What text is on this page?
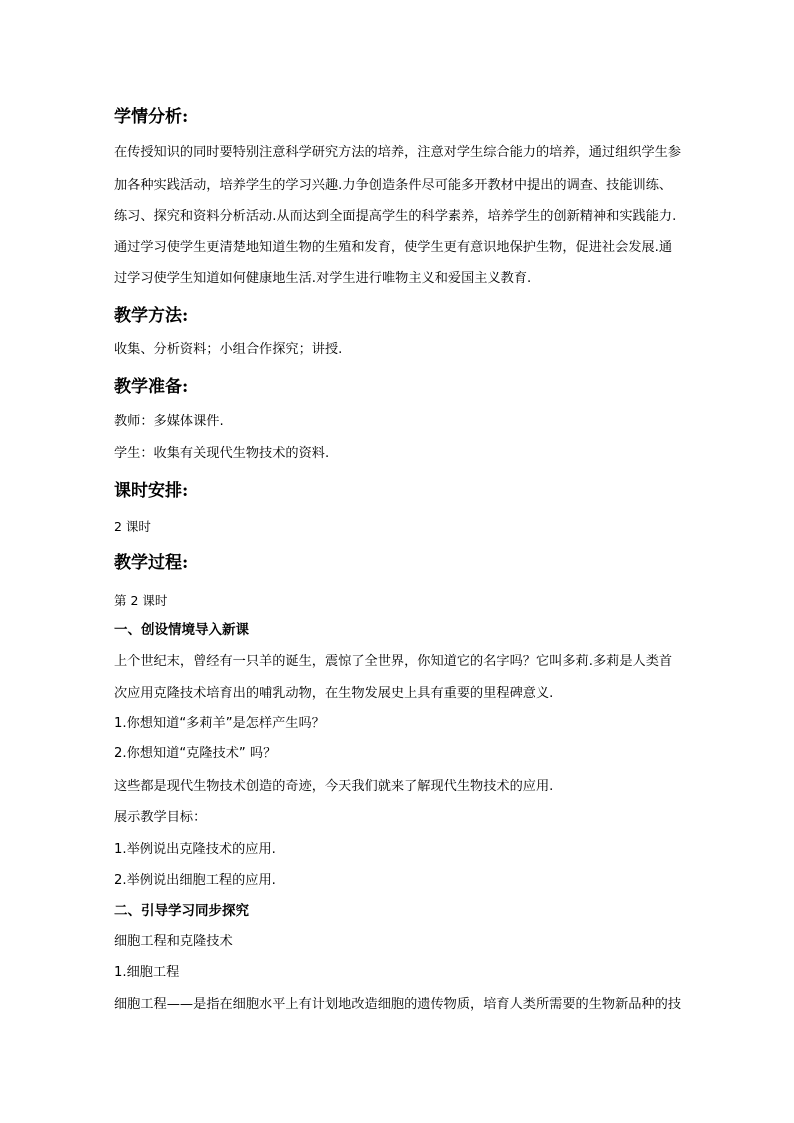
学情分析:
在传授知识的同时要特别注意科学研究方法的培养，注意对学生综合能力的培养，通过组织学生参
加各种实践活动，培养学生的学习兴趣.力争创造条件尽可能多开教材中提出的调查、技能训练、
练习、探究和资料分析活动.从而达到全面提高学生的科学素养，培养学生的创新精神和实践能力.
通过学习使学生更清楚地知道生物的生殖和发育，使学生更有意识地保护生物，促进社会发展.通
过学习使学生知道如何健康地生活.对学生进行唯物主义和爱国主义教育.
教学方法:
收集、分析资料；小组合作探究；讲授.
教学准备:
教师：多媒体课件.
学生：收集有关现代生物技术的资料.
课时安排:
2 课时
教学过程:
第 2 课时
一、创设情境导入新课
上个世纪末，曾经有一只羊的诞生，震惊了全世界，你知道它的名字吗？它叫多莉.多莉是人类首
次应用克隆技术培育出的哺乳动物，在生物发展史上具有重要的里程碑意义.
1.你想知道“多莉羊”是怎样产生吗？
2.你想知道“克隆技术” 吗？
这些都是现代生物技术创造的奇迹，今天我们就来了解现代生物技术的应用.
展示教学目标：
1.举例说出克隆技术的应用.
2.举例说出细胞工程的应用.
二、引导学习同步探究
细胞工程和克隆技术
1.细胞工程
细胞工程——是指在细胞水平上有计划地改造细胞的遗传物质，培育人类所需要的生物新品种的技
